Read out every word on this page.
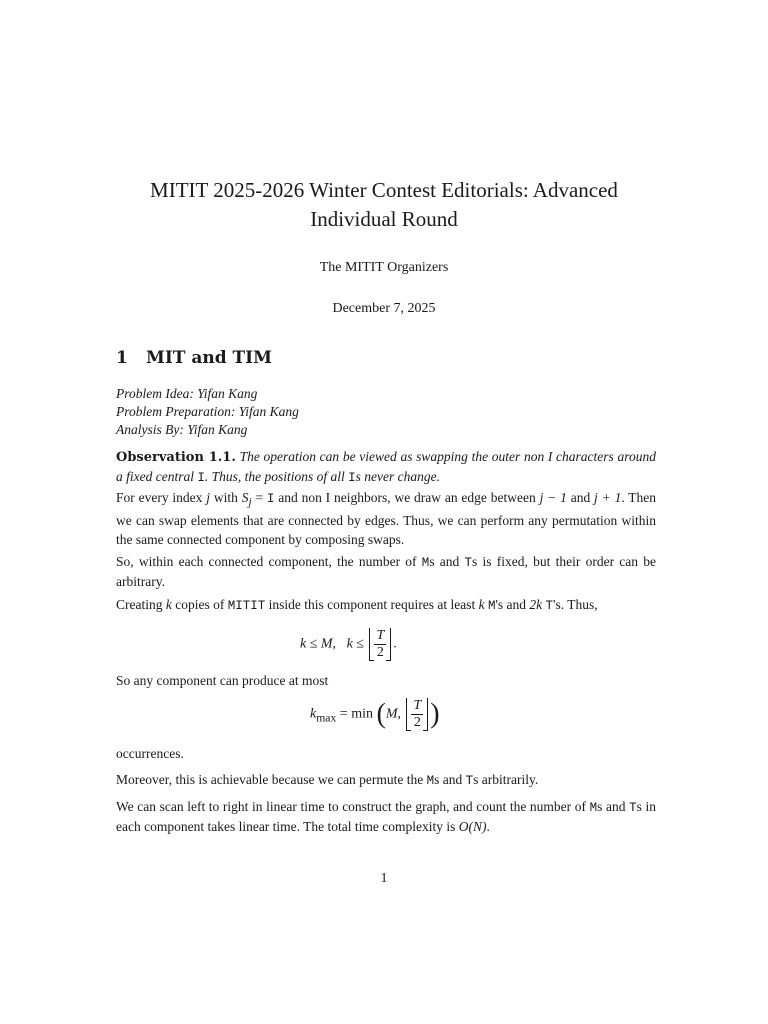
MITIT 2025-2026 Winter Contest Editorials: Advanced
Individual Round
The MITIT Organizers
December 7, 2025
1 MIT and TIM
Problem Idea: Yifan Kang
Problem Preparation: Yifan Kang
Analysis By: Yifan Kang
Observation 1.1. The operation can be viewed as swapping the outer non I characters around a fixed central I. Thus, the positions of all Is never change.
For every index j with $S_j = I$ and non I neighbors, we draw an edge between j − 1 and j + 1. Then we can swap elements that are connected by edges. Thus, we can perform any permutation within the same connected component by composing swaps.
So, within each connected component, the number of Ms and Ts is fixed, but their order can be arbitrary.
Creating k copies of MITIT inside this component requires at least k M's and 2k T's. Thus,
k ≤ M, $k \le \frac{T}{2}$ .
So any component can produce at most
$k_{max} = \min (M$, $\frac{T}{2}$ )
occurrences.
Moreover, this is achievable because we can permute the Ms and Ts arbitrarily.
We can scan left to right in linear time to construct the graph, and count the number of Ms and Ts in each component takes linear time. The total time complexity is O(N).
1
